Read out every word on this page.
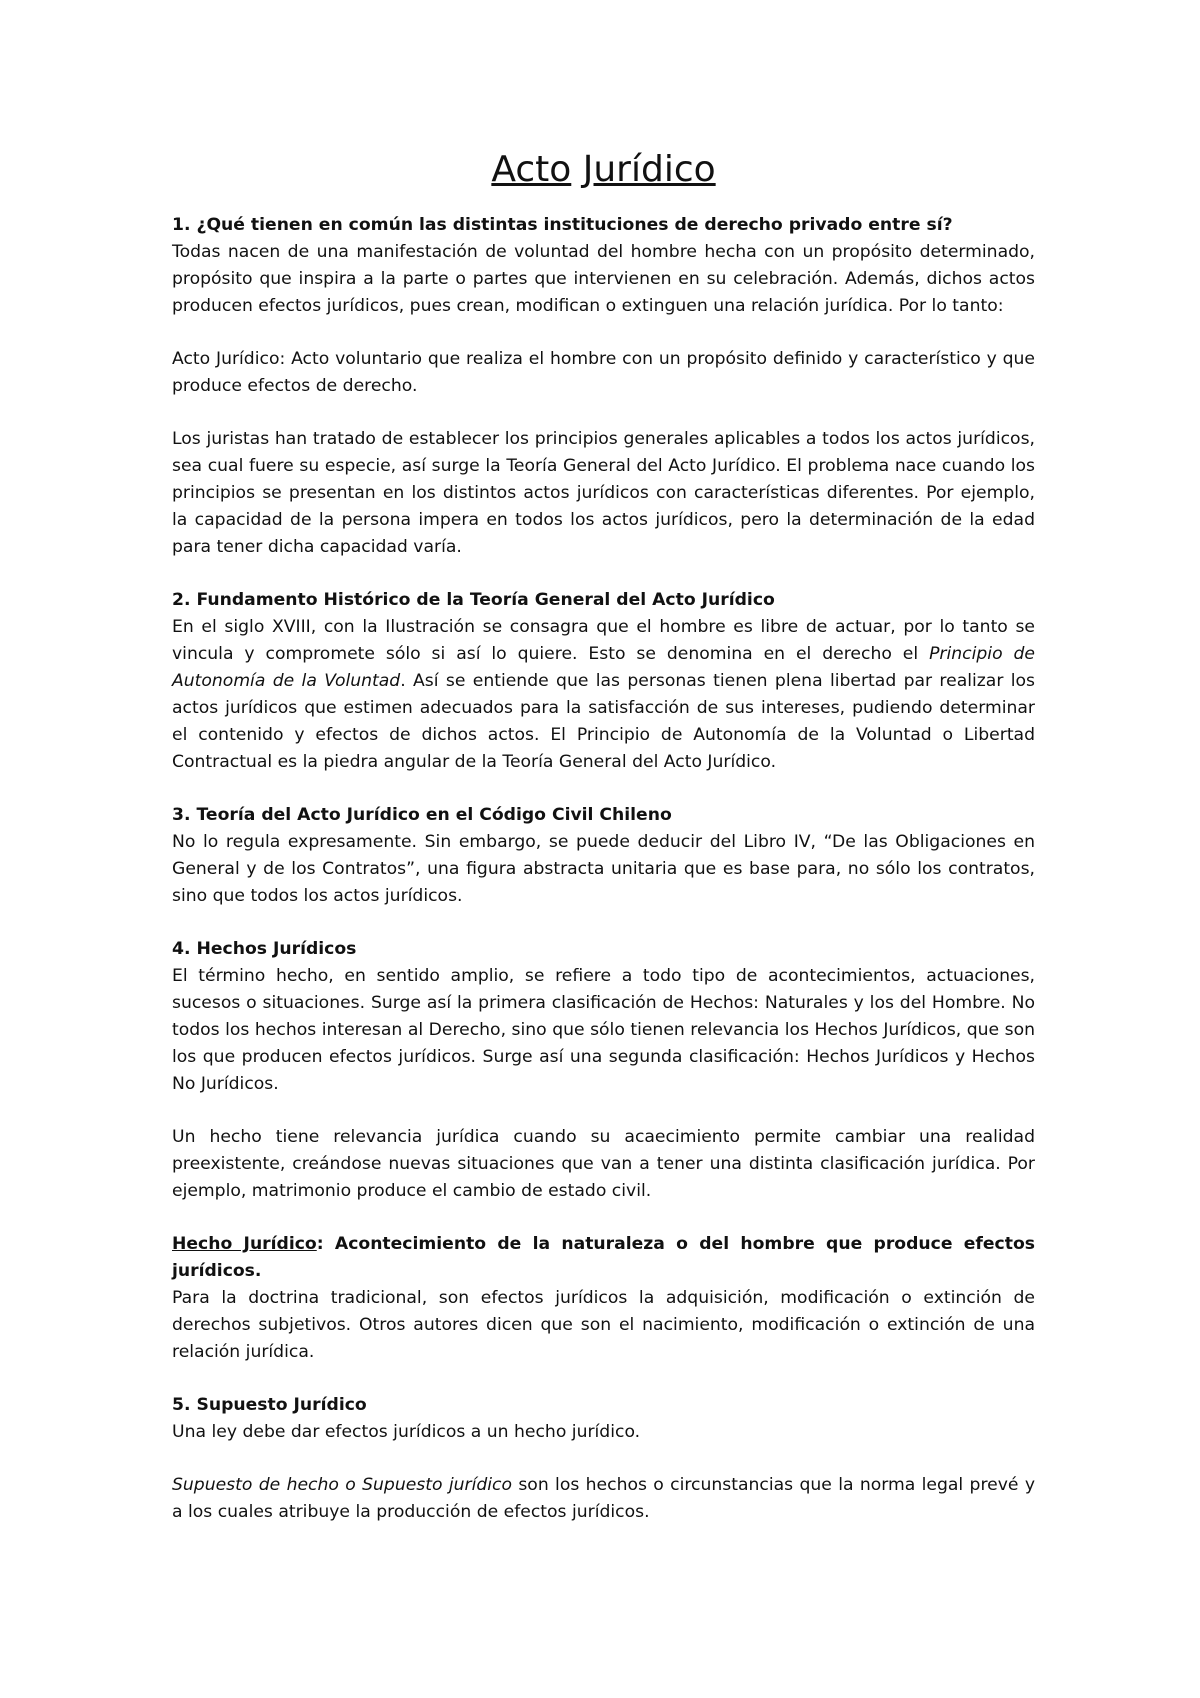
Acto Jurídico

1. ¿Qué tienen en común las distintas instituciones de derecho privado entre sí?
Todas nacen de una manifestación de voluntad del hombre hecha con un propósito determinado, propósito que inspira a la parte o partes que intervienen en su celebración. Además, dichos actos producen efectos jurídicos, pues crean, modifican o extinguen una relación jurídica. Por lo tanto:

Acto Jurídico: Acto voluntario que realiza el hombre con un propósito definido y característico y que produce efectos de derecho.

Los juristas han tratado de establecer los principios generales aplicables a todos los actos jurídicos, sea cual fuere su especie, así surge la Teoría General del Acto Jurídico. El problema nace cuando los principios se presentan en los distintos actos jurídicos con características diferentes. Por ejemplo, la capacidad de la persona impera en todos los actos jurídicos, pero la determinación de la edad para tener dicha capacidad varía.

2. Fundamento Histórico de la Teoría General del Acto Jurídico
En el siglo XVIII, con la Ilustración se consagra que el hombre es libre de actuar, por lo tanto se vincula y compromete sólo si así lo quiere. Esto se denomina en el derecho el Principio de Autonomía de la Voluntad. Así se entiende que las personas tienen plena libertad par realizar los actos jurídicos que estimen adecuados para la satisfacción de sus intereses, pudiendo determinar el contenido y efectos de dichos actos. El Principio de Autonomía de la Voluntad o Libertad Contractual es la piedra angular de la Teoría General del Acto Jurídico.

3. Teoría del Acto Jurídico en el Código Civil Chileno
No lo regula expresamente. Sin embargo, se puede deducir del Libro IV, “De las Obligaciones en General y de los Contratos”, una figura abstracta unitaria que es base para, no sólo los contratos, sino que todos los actos jurídicos.

4. Hechos Jurídicos
El término hecho, en sentido amplio, se refiere a todo tipo de acontecimientos, actuaciones, sucesos o situaciones. Surge así la primera clasificación de Hechos: Naturales y los del Hombre. No todos los hechos interesan al Derecho, sino que sólo tienen relevancia los Hechos Jurídicos, que son los que producen efectos jurídicos. Surge así una segunda clasificación: Hechos Jurídicos y Hechos No Jurídicos.

Un hecho tiene relevancia jurídica cuando su acaecimiento permite cambiar una realidad preexistente, creándose nuevas situaciones que van a tener una distinta clasificación jurídica. Por ejemplo, matrimonio produce el cambio de estado civil.

Hecho Jurídico: Acontecimiento de la naturaleza o del hombre que produce efectos jurídicos.
Para la doctrina tradicional, son efectos jurídicos la adquisición, modificación o extinción de derechos subjetivos. Otros autores dicen que son el nacimiento, modificación o extinción de una relación jurídica.

5. Supuesto Jurídico
Una ley debe dar efectos jurídicos a un hecho jurídico.

Supuesto de hecho o Supuesto jurídico son los hechos o circunstancias que la norma legal prevé y a los cuales atribuye la producción de efectos jurídicos.
